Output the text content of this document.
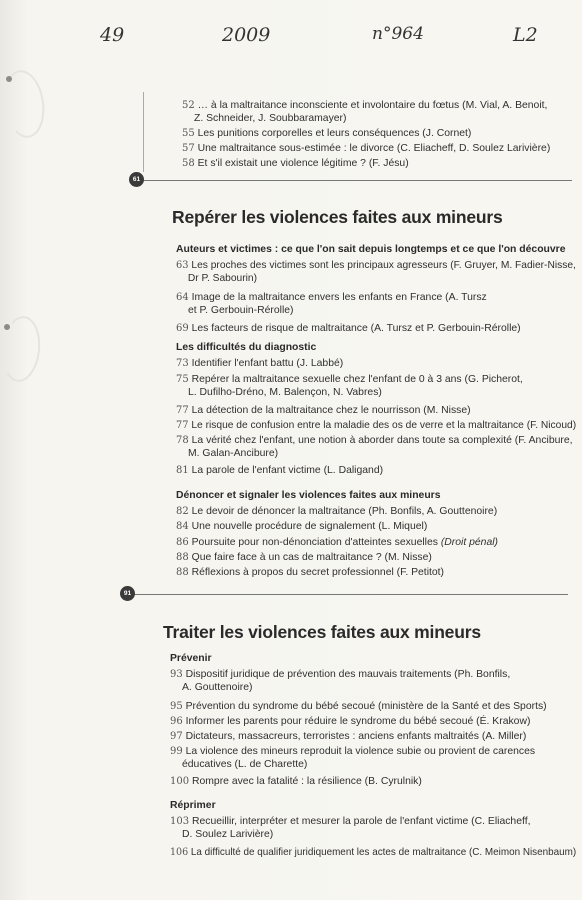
49	2009	n°964	L2
52 … à la maltraitance inconsciente et involontaire du fœtus (M. Vial, A. Benoit,
Z. Schneider, J. Soubbaramayer)
55 Les punitions corporelles et leurs conséquences (J. Cornet)
57 Une maltraitance sous-estimée : le divorce (C. Eliacheff, D. Soulez Larivière)
58 Et s'il existait une violence légitime ? (F. Jésu)
61
Repérer les violences faites aux mineurs
Auteurs et victimes : ce que l'on sait depuis longtemps et ce que l'on découvre
63 Les proches des victimes sont les principaux agresseurs (F. Gruyer, M. Fadier-Nisse,
Dr P. Sabourin)
64 Image de la maltraitance envers les enfants en France (A. Tursz
et P. Gerbouin-Rérolle)
69 Les facteurs de risque de maltraitance (A. Tursz et P. Gerbouin-Rérolle)
Les difficultés du diagnostic
73 Identifier l'enfant battu (J. Labbé)
75 Repérer la maltraitance sexuelle chez l'enfant de 0 à 3 ans (G. Picherot,
L. Dufilho-Dréno, M. Balençon, N. Vabres)
77 La détection de la maltraitance chez le nourrisson (M. Nisse)
77 Le risque de confusion entre la maladie des os de verre et la maltraitance (F. Nicoud)
78 La vérité chez l'enfant, une notion à aborder dans toute sa complexité (F. Ancibure,
M. Galan-Ancibure)
81 La parole de l'enfant victime (L. Daligand)
Dénoncer et signaler les violences faites aux mineurs
82 Le devoir de dénoncer la maltraitance (Ph. Bonfils, A. Gouttenoire)
84 Une nouvelle procédure de signalement (L. Miquel)
86 Poursuite pour non-dénonciation d'atteintes sexuelles (Droit pénal)
88 Que faire face à un cas de maltraitance ? (M. Nisse)
88 Réflexions à propos du secret professionnel (F. Petitot)
91
Traiter les violences faites aux mineurs
Prévenir
93 Dispositif juridique de prévention des mauvais traitements (Ph. Bonfils,
A. Gouttenoire)
95 Prévention du syndrome du bébé secoué (ministère de la Santé et des Sports)
96 Informer les parents pour réduire le syndrome du bébé secoué (É. Krakow)
97 Dictateurs, massacreurs, terroristes : anciens enfants maltraités (A. Miller)
99 La violence des mineurs reproduit la violence subie ou provient de carences
éducatives (L. de Charette)
100 Rompre avec la fatalité : la résilience (B. Cyrulnik)
Réprimer
103 Recueillir, interpréter et mesurer la parole de l'enfant victime (C. Eliacheff,
D. Soulez Larivière)
106 La difficulté de qualifier juridiquement les actes de maltraitance (C. Meimon Nisenbaum)
